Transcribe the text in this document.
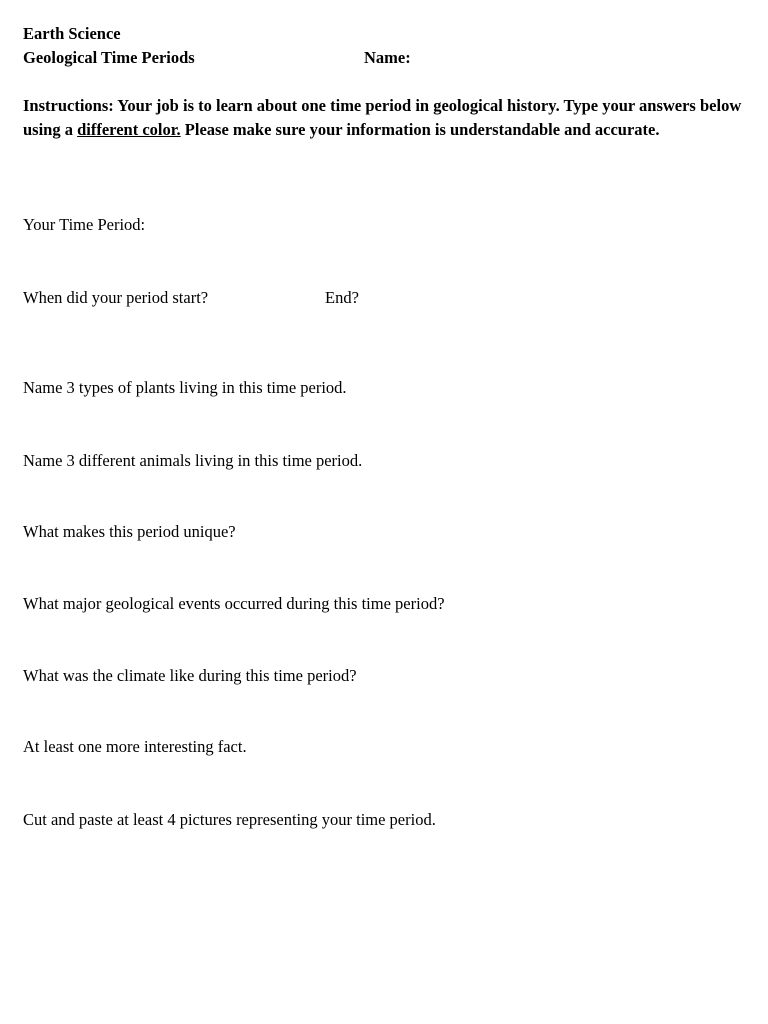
Earth Science
Geological Time Periods	Name:
Instructions: Your job is to learn about one time period in geological history. Type your answers below using a different color. Please make sure your information is understandable and accurate.
Your Time Period:
When did your period start?	End?
Name 3 types of plants living in this time period.
Name 3 different animals living in this time period.
What makes this period unique?
What major geological events occurred during this time period?
What was the climate like during this time period?
At least one more interesting fact.
Cut and paste at least 4 pictures representing your time period.
